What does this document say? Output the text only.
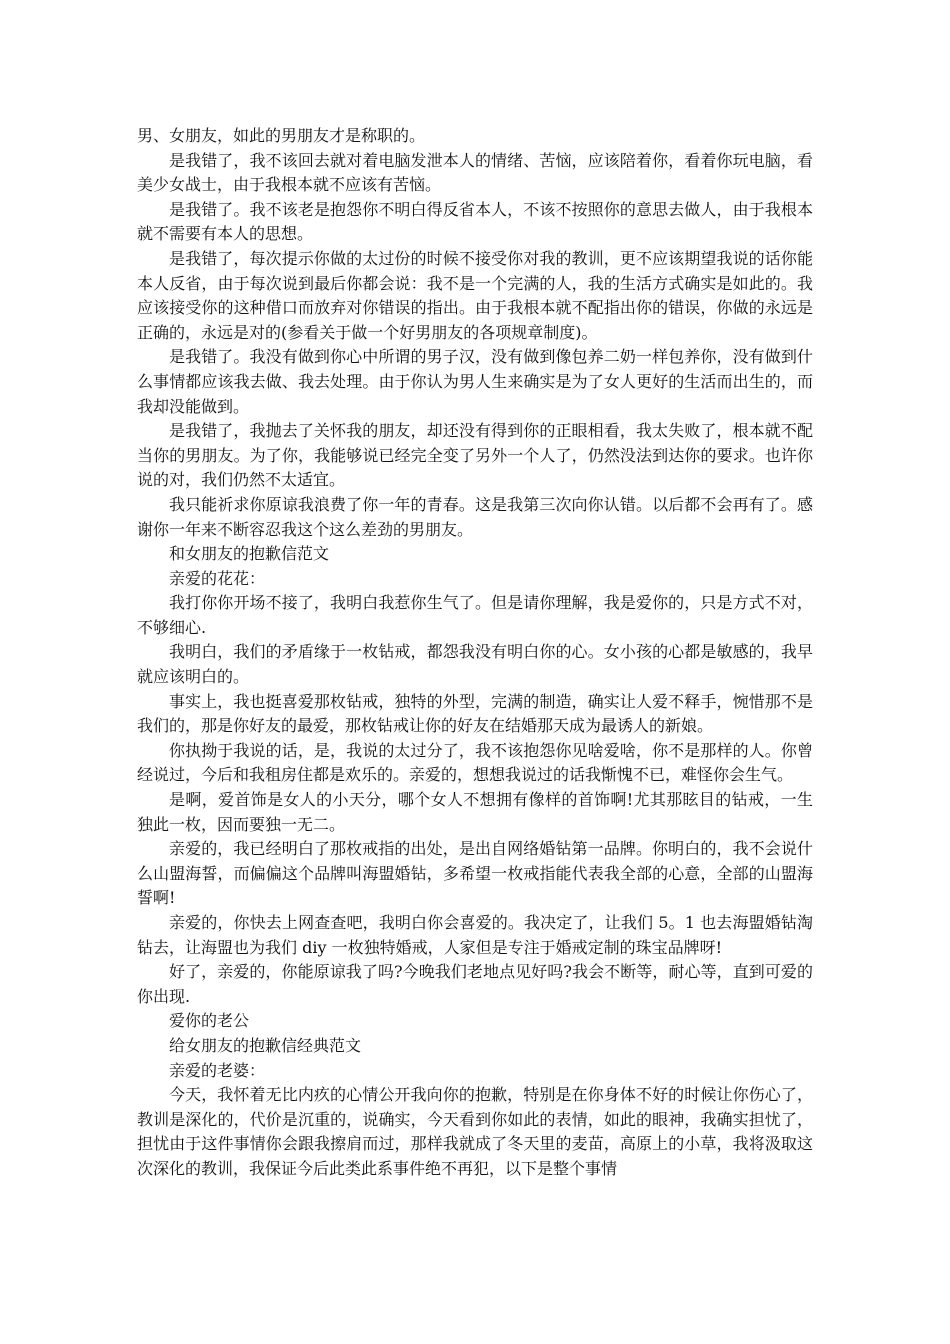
男、女朋友，如此的男朋友才是称职的。

是我错了，我不该回去就对着电脑发泄本人的情绪、苦恼，应该陪着你，看着你玩电脑，看美少女战士，由于我根本就不应该有苦恼。

是我错了。我不该老是抱怨你不明白得反省本人，不该不按照你的意思去做人，由于我根本就不需要有本人的思想。

是我错了，每次提示你做的太过份的时候不接受你对我的教训，更不应该期望我说的话你能本人反省，由于每次说到最后你都会说：我不是一个完满的人，我的生活方式确实是如此的。我应该接受你的这种借口而放弃对你错误的指出。由于我根本就不配指出你的错误，你做的永远是正确的，永远是对的(参看关于做一个好男朋友的各项规章制度)。

是我错了。我没有做到你心中所谓的男子汉，没有做到像包养二奶一样包养你，没有做到什么事情都应该我去做、我去处理。由于你认为男人生来确实是为了女人更好的生活而出生的，而我却没能做到。

是我错了，我抛去了关怀我的朋友，却还没有得到你的正眼相看，我太失败了，根本就不配当你的男朋友。为了你，我能够说已经完全变了另外一个人了，仍然没法到达你的要求。也许你说的对，我们仍然不太适宜。

我只能祈求你原谅我浪费了你一年的青春。这是我第三次向你认错。以后都不会再有了。感谢你一年来不断容忍我这个这么差劲的男朋友。

和女朋友的抱歉信范文

亲爱的花花：

我打你你开场不接了，我明白我惹你生气了。但是请你理解，我是爱你的，只是方式不对，不够细心.

我明白，我们的矛盾缘于一枚钻戒，都怨我没有明白你的心。女小孩的心都是敏感的，我早就应该明白的。

事实上，我也挺喜爱那枚钻戒，独特的外型，完满的制造，确实让人爱不释手，惋惜那不是我们的，那是你好友的最爱，那枚钻戒让你的好友在结婚那天成为最诱人的新娘。

你执拗于我说的话，是，我说的太过分了，我不该抱怨你见啥爱啥，你不是那样的人。你曾经说过，今后和我租房住都是欢乐的。亲爱的，想想我说过的话我惭愧不已，难怪你会生气。

是啊，爱首饰是女人的小天分，哪个女人不想拥有像样的首饰啊!尤其那眩目的钻戒，一生独此一枚，因而要独一无二。

亲爱的，我已经明白了那枚戒指的出处，是出自网络婚钻第一品牌。你明白的，我不会说什么山盟海誓，而偏偏这个品牌叫海盟婚钻，多希望一枚戒指能代表我全部的心意，全部的山盟海誓啊!

亲爱的，你快去上网查查吧，我明白你会喜爱的。我决定了，让我们 5。1 也去海盟婚钻淘钻去，让海盟也为我们 diy 一枚独特婚戒，人家但是专注于婚戒定制的珠宝品牌呀!

好了，亲爱的，你能原谅我了吗?今晚我们老地点见好吗?我会不断等，耐心等，直到可爱的你出现.

爱你的老公

给女朋友的抱歉信经典范文

亲爱的老婆：

今天，我怀着无比内疚的心情公开我向你的抱歉，特别是在你身体不好的时候让你伤心了，教训是深化的，代价是沉重的，说确实，今天看到你如此的表情，如此的眼神，我确实担忧了，担忧由于这件事情你会跟我擦肩而过，那样我就成了冬天里的麦苗，高原上的小草，我将汲取这次深化的教训，我保证今后此类此系事件绝不再犯，以下是整个事情
